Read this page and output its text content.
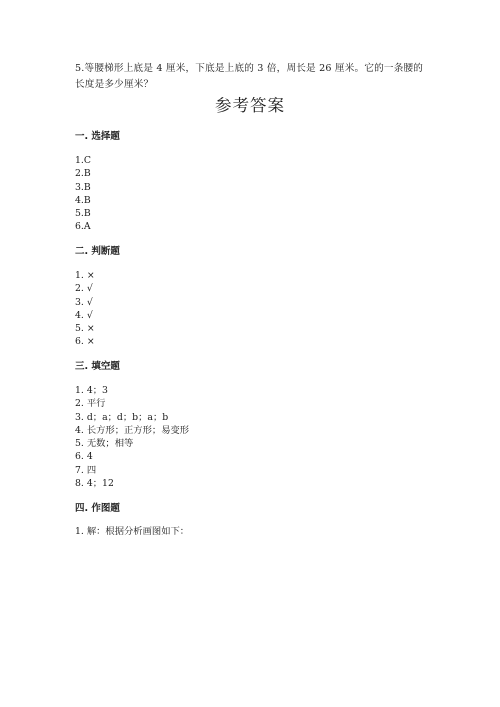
5.等腰梯形上底是 4 厘米，下底是上底的 3 倍，周长是 26 厘米。它的一条腰的
长度是多少厘米？
参考答案
一. 选择题
1.C
2.B
3.B
4.B
5.B
6.A
二. 判断题
1. ×
2. √
3. √
4. √
5. ×
6. ×
三. 填空题
1. 4；3
2. 平行
3. d；a；d；b；a；b
4. 长方形；正方形；易变形
5. 无数；相等
6. 4
7. 四
8. 4；12
四. 作图题
1. 解：根据分析画图如下：
